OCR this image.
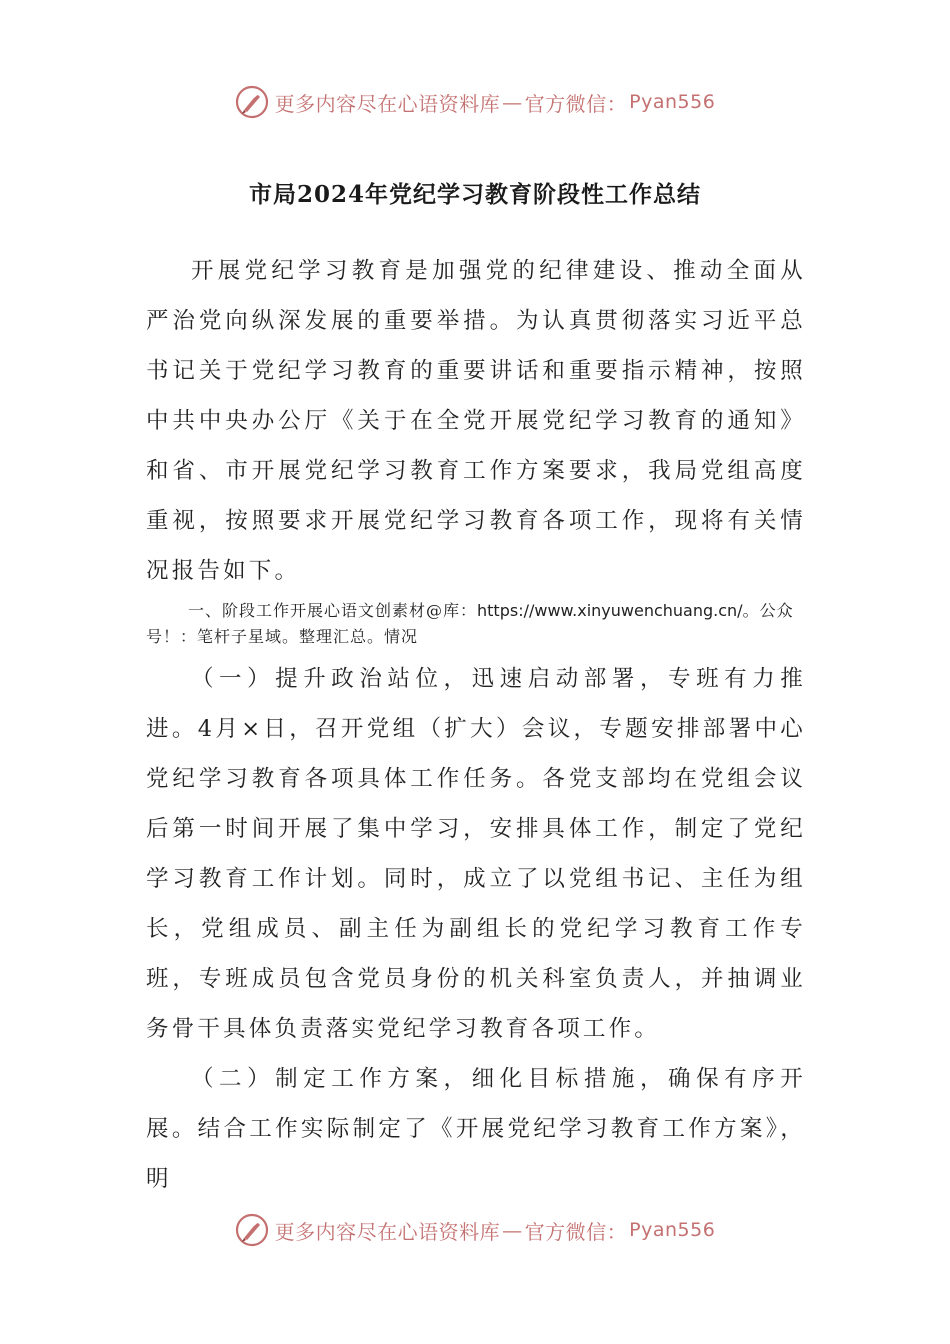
更多内容尽在心语资料库 — 官方微信： Pyan556
市局2024年党纪学习教育阶段性工作总结

开展党纪学习教育是加强党的纪律建设、推动全面从严治党向纵深发展的重要举措。为认真贯彻落实习近平总书记关于党纪学习教育的重要讲话和重要指示精神，按照中共中央办公厅《关于在全党开展党纪学习教育的通知》和省、市开展党纪学习教育工作方案要求，我局党组高度重视，按照要求开展党纪学习教育各项工作，现将有关情况报告如下。

一、阶段工作开展心语文创素材@库：https://www.xinyuwenchuang.cn/。公众号！：笔杆子星域。整理汇总。情况

（一）提升政治站位，迅速启动部署，专班有力推进。4月×日，召开党组（扩大）会议，专题安排部署中心党纪学习教育各项具体工作任务。各党支部均在党组会议后第一时间开展了集中学习，安排具体工作，制定了党纪学习教育工作计划。同时，成立了以党组书记、主任为组长，党组成员、副主任为副组长的党纪学习教育工作专班，专班成员包含党员身份的机关科室负责人，并抽调业务骨干具体负责落实党纪学习教育各项工作。

（二）制定工作方案，细化目标措施，确保有序开展。结合工作实际制定了《开展党纪学习教育工作方案》，明

更多内容尽在心语资料库 — 官方微信： Pyan556
